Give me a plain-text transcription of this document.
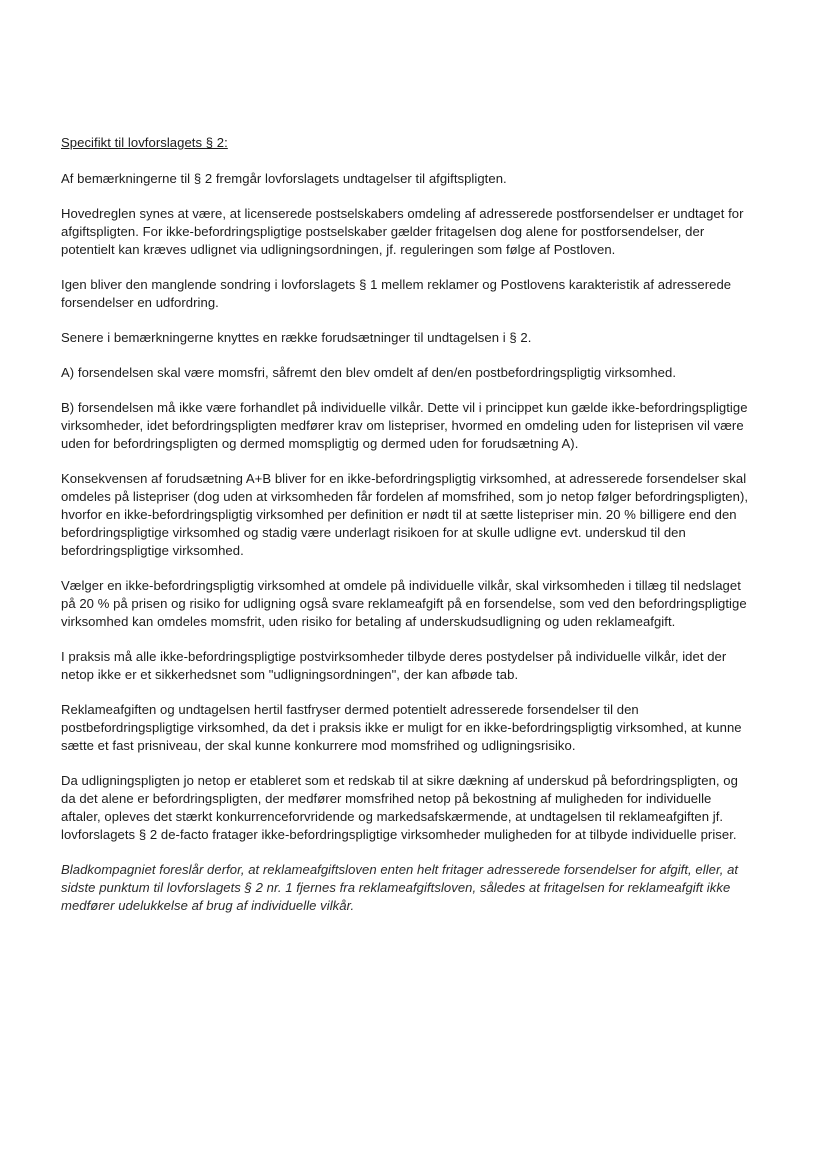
Specifikt til lovforslagets § 2:

Af bemærkningerne til § 2 fremgår lovforslagets undtagelser til afgiftspligten.

Hovedreglen synes at være, at licenserede postselskabers omdeling af adresserede postforsendelser er undtaget for afgiftspligten. For ikke-befordringspligtige postselskaber gælder fritagelsen dog alene for postforsendelser, der potentielt kan kræves udlignet via udligningsordningen, jf. reguleringen som følge af Postloven.

Igen bliver den manglende sondring i lovforslagets § 1 mellem reklamer og Postlovens karakteristik af adresserede forsendelser en udfordring.

Senere i bemærkningerne knyttes en række forudsætninger til undtagelsen i § 2.

A) forsendelsen skal være momsfri, såfremt den blev omdelt af den/en postbefordringspligtig virksomhed.

B) forsendelsen må ikke være forhandlet på individuelle vilkår. Dette vil i princippet kun gælde ikke-befordringspligtige virksomheder, idet befordringspligten medfører krav om listepriser, hvormed en omdeling uden for listeprisen vil være uden for befordringspligten og dermed momspligtig og dermed uden for forudsætning A).

Konsekvensen af forudsætning A+B bliver for en ikke-befordringspligtig virksomhed, at adresserede forsendelser skal omdeles på listepriser (dog uden at virksomheden får fordelen af momsfrihed, som jo netop følger befordringspligten), hvorfor en ikke-befordringspligtig virksomhed per definition er nødt til at sætte listepriser min. 20 % billigere end den befordringspligtige virksomhed og stadig være underlagt risikoen for at skulle udligne evt. underskud til den befordringspligtige virksomhed.

Vælger en ikke-befordringspligtig virksomhed at omdele på individuelle vilkår, skal virksomheden i tillæg til nedslaget på 20 % på prisen og risiko for udligning også svare reklameafgift på en forsendelse, som ved den befordringspligtige virksomhed kan omdeles momsfrit, uden risiko for betaling af underskudsudligning og uden reklameafgift.

I praksis må alle ikke-befordringspligtige postvirksomheder tilbyde deres postydelser på individuelle vilkår, idet der netop ikke er et sikkerhedsnet som "udligningsordningen", der kan afbøde tab.

Reklameafgiften og undtagelsen hertil fastfryser dermed potentielt adresserede forsendelser til den postbefordringspligtige virksomhed, da det i praksis ikke er muligt for en ikke-befordringspligtig virksomhed, at kunne sætte et fast prisniveau, der skal kunne konkurrere mod momsfrihed og udligningsrisiko.

Da udligningspligten jo netop er etableret som et redskab til at sikre dækning af underskud på befordringspligten, og da det alene er befordringspligten, der medfører momsfrihed netop på bekostning af muligheden for individuelle aftaler, opleves det stærkt konkurrenceforvridende og markedsafskærmende, at undtagelsen til reklameafgiften jf. lovforslagets § 2 de-facto fratager ikke-befordringspligtige virksomheder muligheden for at tilbyde individuelle priser.

Bladkompagniet foreslår derfor, at reklameafgiftsloven enten helt fritager adresserede forsendelser for afgift, eller, at sidste punktum til lovforslagets § 2 nr. 1 fjernes fra reklameafgiftsloven, således at fritagelsen for reklameafgift ikke medfører udelukkelse af brug af individuelle vilkår.
